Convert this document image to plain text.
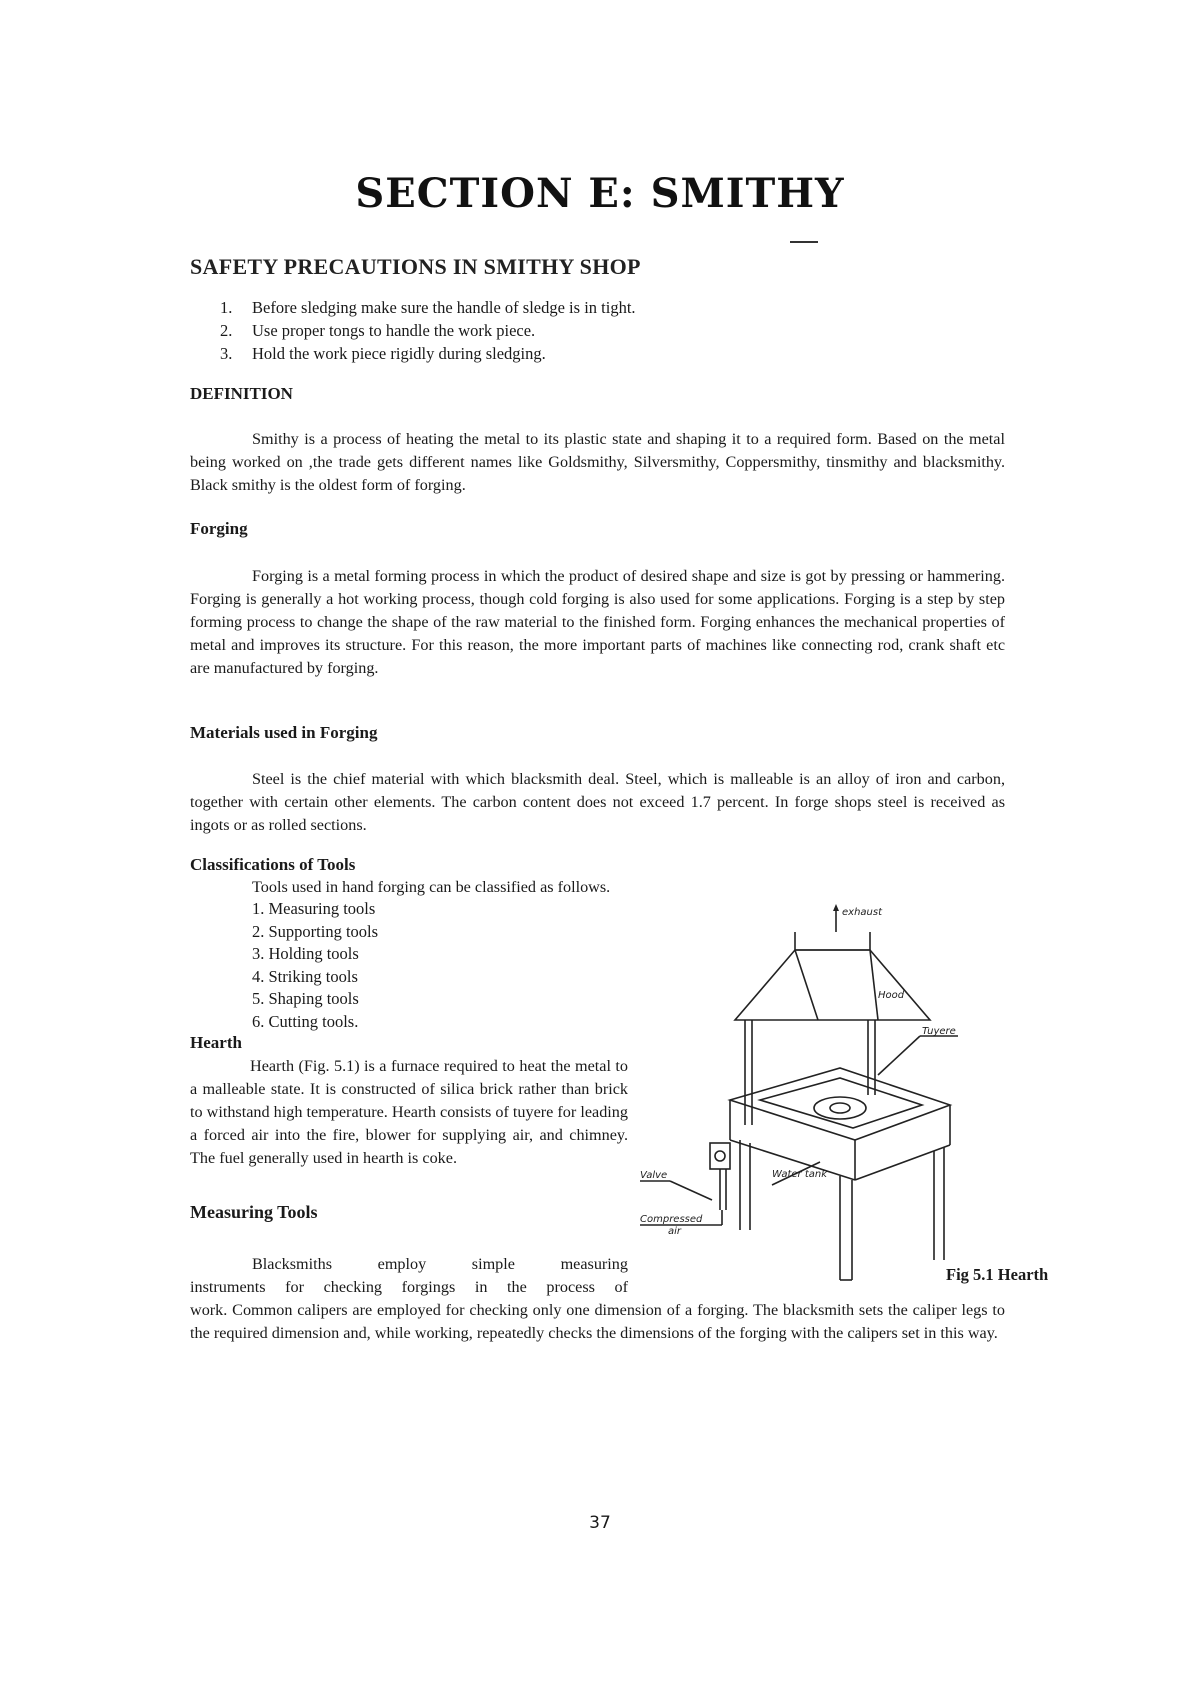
SECTION E: SMITHY
SAFETY PRECAUTIONS IN SMITHY SHOP
1.	Before sledging make sure the handle of sledge is in tight.
2.	Use proper tongs to handle the work piece.
3.	Hold the work piece rigidly during sledging.
DEFINITION
Smithy is a process of heating the metal to its plastic state and shaping it to a required form. Based on the metal being worked on ,the trade gets different names like Goldsmithy, Silversmithy, Coppersmithy, tinsmithy and blacksmithy. Black smithy is the oldest form of forging.
Forging
Forging is a metal forming process in which the product of desired shape and size is got by pressing or hammering. Forging is generally a hot working process, though cold forging is also used for some applications. Forging is a step by step forming process to change the shape of the raw material to the finished form. Forging enhances the mechanical properties of metal and improves its structure. For this reason, the more important parts of machines like connecting rod, crank shaft etc are manufactured by forging.
Materials used in Forging
Steel is the chief material with which blacksmith deal. Steel, which is malleable is an alloy of iron and carbon, together with certain other elements. The carbon content does not exceed 1.7 percent. In forge shops steel is received as ingots or as rolled sections.
Classifications of Tools
Tools used in hand forging can be classified as follows.
1. Measuring tools
2. Supporting tools
3. Holding tools
4. Striking tools
5. Shaping tools
6. Cutting tools.
Hearth
Hearth (Fig. 5.1) is a furnace required to heat the metal to a malleable state. It is constructed of silica brick rather than brick to withstand high temperature. Hearth consists of tuyere for leading a forced air into the fire, blower for supplying air, and chimney. The fuel generally used in hearth is coke.
exhaust
Hood
Tuyere
Valve	Water tank
Compressed
air
Fig 5.1 Hearth
Measuring Tools
Blacksmiths employ simple measuring
instruments for checking forgings in the process of
work. Common calipers are employed for checking only one dimension of a forging. The blacksmith sets the caliper legs to the required dimension and, while working, repeatedly checks the dimensions of the forging with the calipers set in this way.
37
